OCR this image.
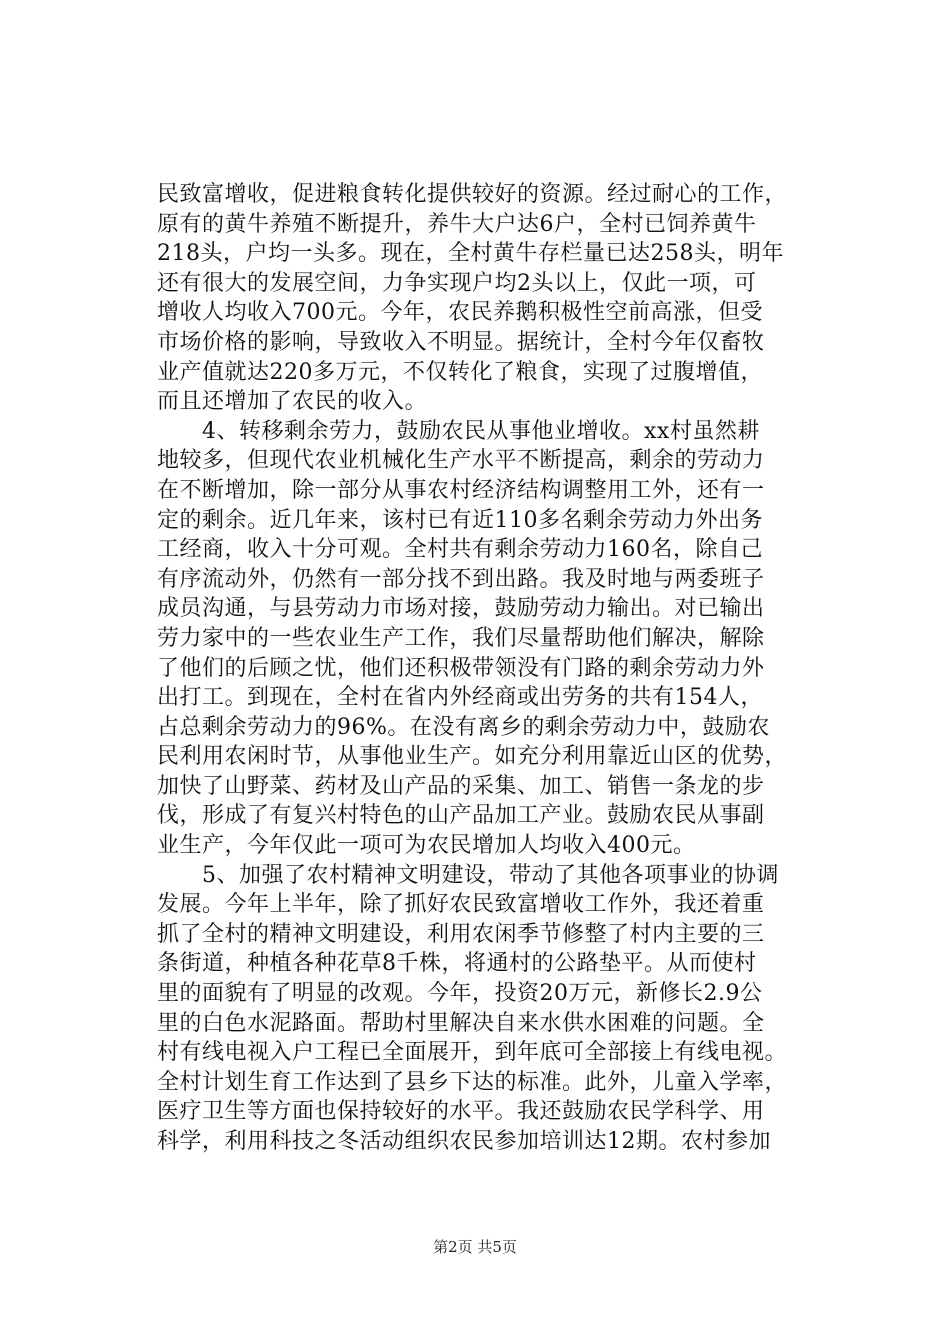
民致富增收，促进粮食转化提供较好的资源。经过耐心的工作，
原有的黄牛养殖不断提升，养牛大户达6户，全村已饲养黄牛
218头，户均一头多。现在，全村黄牛存栏量已达258头，明年
还有很大的发展空间，力争实现户均2头以上，仅此一项，可
增收人均收入700元。今年，农民养鹅积极性空前高涨，但受
市场价格的影响，导致收入不明显。据统计，全村今年仅畜牧
业产值就达220多万元，不仅转化了粮食，实现了过腹增值，
而且还增加了农民的收入。
　　4、转移剩余劳力，鼓励农民从事他业增收。xx村虽然耕
地较多，但现代农业机械化生产水平不断提高，剩余的劳动力
在不断增加，除一部分从事农村经济结构调整用工外，还有一
定的剩余。近几年来，该村已有近110多名剩余劳动力外出务
工经商，收入十分可观。全村共有剩余劳动力160名，除自己
有序流动外，仍然有一部分找不到出路。我及时地与两委班子
成员沟通，与县劳动力市场对接，鼓励劳动力输出。对已输出
劳力家中的一些农业生产工作，我们尽量帮助他们解决，解除
了他们的后顾之忧，他们还积极带领没有门路的剩余劳动力外
出打工。到现在，全村在省内外经商或出劳务的共有154人，
占总剩余劳动力的96%。在没有离乡的剩余劳动力中，鼓励农
民利用农闲时节，从事他业生产。如充分利用靠近山区的优势，
加快了山野菜、药材及山产品的采集、加工、销售一条龙的步
伐，形成了有复兴村特色的山产品加工产业。鼓励农民从事副
业生产，今年仅此一项可为农民增加人均收入400元。
　　5、加强了农村精神文明建设，带动了其他各项事业的协调
发展。今年上半年，除了抓好农民致富增收工作外，我还着重
抓了全村的精神文明建设，利用农闲季节修整了村内主要的三
条街道，种植各种花草8千株，将通村的公路垫平。从而使村
里的面貌有了明显的改观。今年，投资20万元，新修长2.9公
里的白色水泥路面。帮助村里解决自来水供水困难的问题。全
村有线电视入户工程已全面展开，到年底可全部接上有线电视。
全村计划生育工作达到了县乡下达的标准。此外，儿童入学率，
医疗卫生等方面也保持较好的水平。我还鼓励农民学科学、用
科学，利用科技之冬活动组织农民参加培训达12期。农村参加
第2页 共5页
